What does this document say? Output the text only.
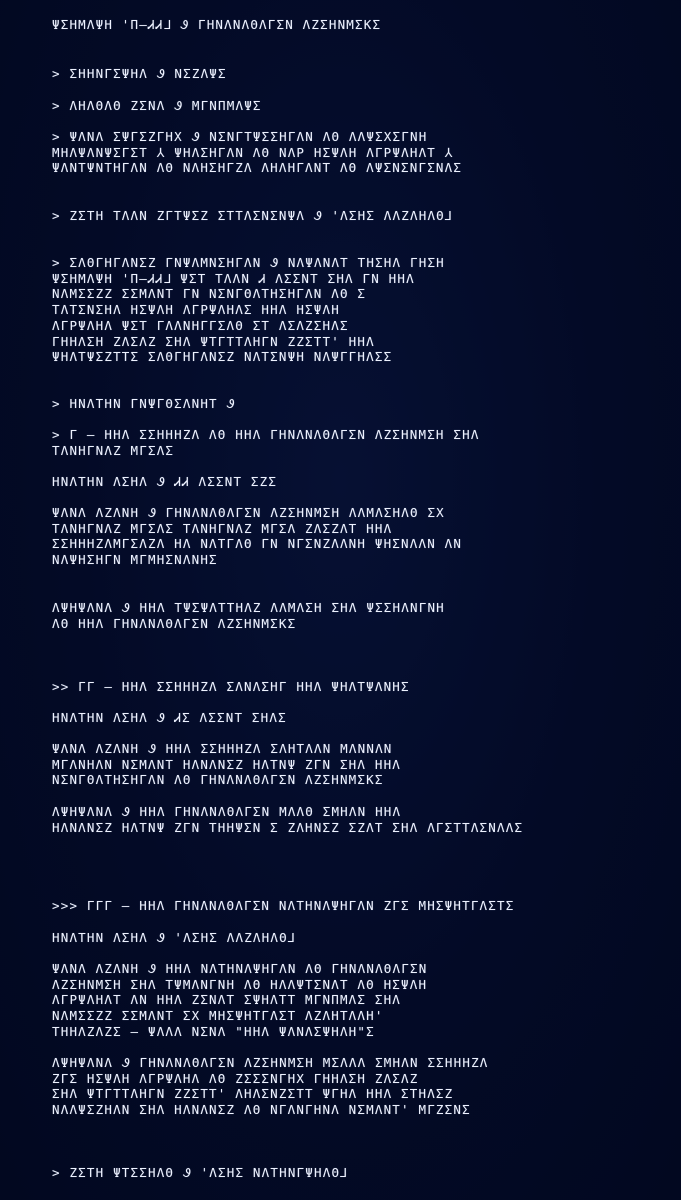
ΨΣΗΜΛΨΗ 'Π—ᏗᏗ⅃ Ꮽ ΓΗΝΛΝΛΘΛΓΣΝ ΛΖΣΗΝΜΣΚΣ

> ΣΗΗΝΓΣΨΗΛ Ꮽ ΝΣΖΛΨΣ

> ΛΗΛΘΛΘ ΖΣΝΛ Ꮽ ΜΓΝΠΜΛΨΣ

> ΨΛΝΛ ΣΨΓΣΖΓΗΧ Ꮽ ΝΣΝΓΤΨΣΣΗΓΛΝ ΛΘ ΛΛΨΣΧΣΓΝΗ
ΜΗΛΨΛΝΨΣΓΣΤ ⅄ ΨΗΛΣΗΓΛΝ ΛΘ ΝΛΡ ΗΣΨΛΗ ΛΓΡΨΛΗΛΤ ⅄
ΨΛΝΤΨΝΤΗΓΛΝ ΛΘ ΝΛΗΣΗΓΖΛ ΛΗΛΗΓΛΝΤ ΛΘ ΛΨΣΝΣΝΓΣΝΛΣ

> ΖΣΤΗ ΤΛΛΝ ΖΓΤΨΣΖ ΣΤΤΛΣΝΣΝΨΛ Ꮽ 'ΛΣΗΣ ΛΛΖΛΗΛΘ⅃

> ΣΛΘΓΗΓΛΝΣΖ ΓΝΨΛΜΝΣΗΓΛΝ Ꮽ ΝΛΨΛΝΛΤ ΤΗΣΗΛ ΓΗΣΗ
ΨΣΗΜΛΨΗ 'Π—ᏗᏗ⅃ ΨΣΤ ΤΛΛΝ Ꮧ ΛΣΣΝΤ ΣΗΛ ΓΝ ΗΗΛ
ΝΛΜΣΣΖΖ ΣΣΜΛΝΤ ΓΝ ΝΣΝΓΘΛΤΗΣΗΓΛΝ ΛΘ Σ
ΤΛΤΣΝΣΗΛ ΗΣΨΛΗ ΛΓΡΨΛΗΛΣ ΗΗΛ ΗΣΨΛΗ
ΛΓΡΨΛΗΛ ΨΣΤ ΓΛΛΝΗΓΓΣΛΘ ΣΤ ΛΣΛΖΣΗΛΣ
ΓΗΗΛΣΗ ΖΛΣΛΖ ΣΗΛ ΨΤΓΤΤΛΗΓΝ ΖΖΣΤΤ' ΗΗΛ
ΨΗΛΤΨΣΖΤΤΣ ΣΛΘΓΗΓΛΝΣΖ ΝΛΤΣΝΨΗ ΝΛΨΓΓΗΛΣΣ

> ΗΝΛΤΗΝ ΓΝΨΓΘΣΛΝΗΤ Ꮽ

> Γ — ΗΗΛ ΣΣΗΗΗΖΛ ΛΘ ΗΗΛ ΓΗΝΛΝΛΘΛΓΣΝ ΛΖΣΗΝΜΣΗ ΣΗΛ
ΤΛΝΗΓΝΛΖ ΜΓΣΛΣ

ΗΝΛΤΗΝ ΛΣΗΛ Ꮽ ᏗᏗ ΛΣΣΝΤ ΣΖΣ

ΨΛΝΛ ΛΖΛΝΗ Ꮽ ΓΗΝΛΝΛΘΛΓΣΝ ΛΖΣΗΝΜΣΗ ΛΛΜΛΣΗΛΘ ΣΧ
ΤΛΝΗΓΝΛΖ ΜΓΣΛΣ ΤΛΝΗΓΝΛΖ ΜΓΣΛ ΖΛΣΖΛΤ ΗΗΛ
ΣΣΗΗΗΖΛΜΓΣΛΖΛ ΗΛ ΝΛΤΓΛΘ ΓΝ ΝΓΣΝΖΛΛΝΗ ΨΗΣΝΛΛΝ ΛΝ
ΝΛΨΗΣΗΓΝ ΜΓΜΗΣΝΛΝΗΣ

ΛΨΗΨΛΝΛ Ꮽ ΗΗΛ ΤΨΣΨΛΤΤΗΛΖ ΛΛΜΛΣΗ ΣΗΛ ΨΣΣΗΛΝΓΝΗ
ΛΘ ΗΗΛ ΓΗΝΛΝΛΘΛΓΣΝ ΛΖΣΗΝΜΣΚΣ

>> ΓΓ — ΗΗΛ ΣΣΗΗΗΖΛ ΣΛΝΛΣΗΓ ΗΗΛ ΨΗΛΤΨΛΝΗΣ

ΗΝΛΤΗΝ ΛΣΗΛ Ꮽ ᏗΣ ΛΣΣΝΤ ΣΗΛΣ

ΨΛΝΛ ΛΖΛΝΗ Ꮽ ΗΗΛ ΣΣΗΗΗΖΛ ΣΛΗΤΛΛΝ ΜΛΝΝΛΝ
ΜΓΛΝΗΛΝ ΝΣΜΛΝΤ ΗΛΝΛΝΣΖ ΗΛΤΝΨ ΖΓΝ ΣΗΛ ΗΗΛ
ΝΣΝΓΘΛΤΗΣΗΓΛΝ ΛΘ ΓΗΝΛΝΛΘΛΓΣΝ ΛΖΣΗΝΜΣΚΣ

ΛΨΗΨΛΝΛ Ꮽ ΗΗΛ ΓΗΝΛΝΛΘΛΓΣΝ ΜΛΛΘ ΣΜΗΛΝ ΗΗΛ
ΗΛΝΛΝΣΖ ΗΛΤΝΨ ΖΓΝ ΤΗΗΨΣΝ Σ ΖΛΗΝΣΖ ΣΖΛΤ ΣΗΛ ΛΓΣΤΤΛΣΝΛΛΣ

>>> ΓΓΓ — ΗΗΛ ΓΗΝΛΝΛΘΛΓΣΝ ΝΛΤΗΝΛΨΗΓΛΝ ΖΓΣ ΜΗΣΨΗΤΓΛΣΤΣ

ΗΝΛΤΗΝ ΛΣΗΛ Ꮽ 'ΛΣΗΣ ΛΛΖΛΗΛΘ⅃

ΨΛΝΛ ΛΖΛΝΗ Ꮽ ΗΗΛ ΝΛΤΗΝΛΨΗΓΛΝ ΛΘ ΓΗΝΛΝΛΘΛΓΣΝ
ΛΖΣΗΝΜΣΗ ΣΗΛ ΤΨΜΛΝΓΝΗ ΛΘ ΗΛΛΨΤΣΝΛΤ ΛΘ ΗΣΨΛΗ
ΛΓΡΨΛΗΛΤ ΛΝ ΗΗΛ ΖΣΝΛΤ ΣΨΗΛΤΤ ΜΓΝΠΜΛΣ ΣΗΛ
ΝΛΜΣΣΖΖ ΣΣΜΛΝΤ ΣΧ ΜΗΣΨΗΤΓΛΣΤ ΛΖΛΗΤΛΛΗ'
ΤΗΗΛΖΛΖΣ — ΨΛΛΛ ΝΣΝΛ "ΗΗΛ ΨΛΝΛΣΨΗΛΗ"Σ

ΛΨΗΨΛΝΛ Ꮽ ΓΗΝΛΝΛΘΛΓΣΝ ΛΖΣΗΝΜΣΗ ΜΣΛΛΛ ΣΜΗΛΝ ΣΣΗΗΗΖΛ
ΖΓΣ ΗΣΨΛΗ ΛΓΡΨΛΗΛ ΛΘ ΖΣΣΣΝΓΗΧ ΓΗΗΛΣΗ ΖΛΣΛΖ
ΣΗΛ ΨΤΓΤΤΛΗΓΝ ΖΖΣΤΤ' ΛΗΛΣΝΖΣΤΤ ΨΓΗΛ ΗΗΛ ΣΤΗΛΣΖ
ΝΛΛΨΣΖΗΛΝ ΣΗΛ ΗΛΝΛΝΣΖ ΛΘ ΝΓΛΝΓΗΝΛ ΝΣΜΛΝΤ' ΜΓΖΣΝΣ

> ΖΣΤΗ ΨΤΣΣΗΛΘ Ꮽ 'ΛΣΗΣ ΝΛΤΗΝΓΨΗΛΘ⅃
